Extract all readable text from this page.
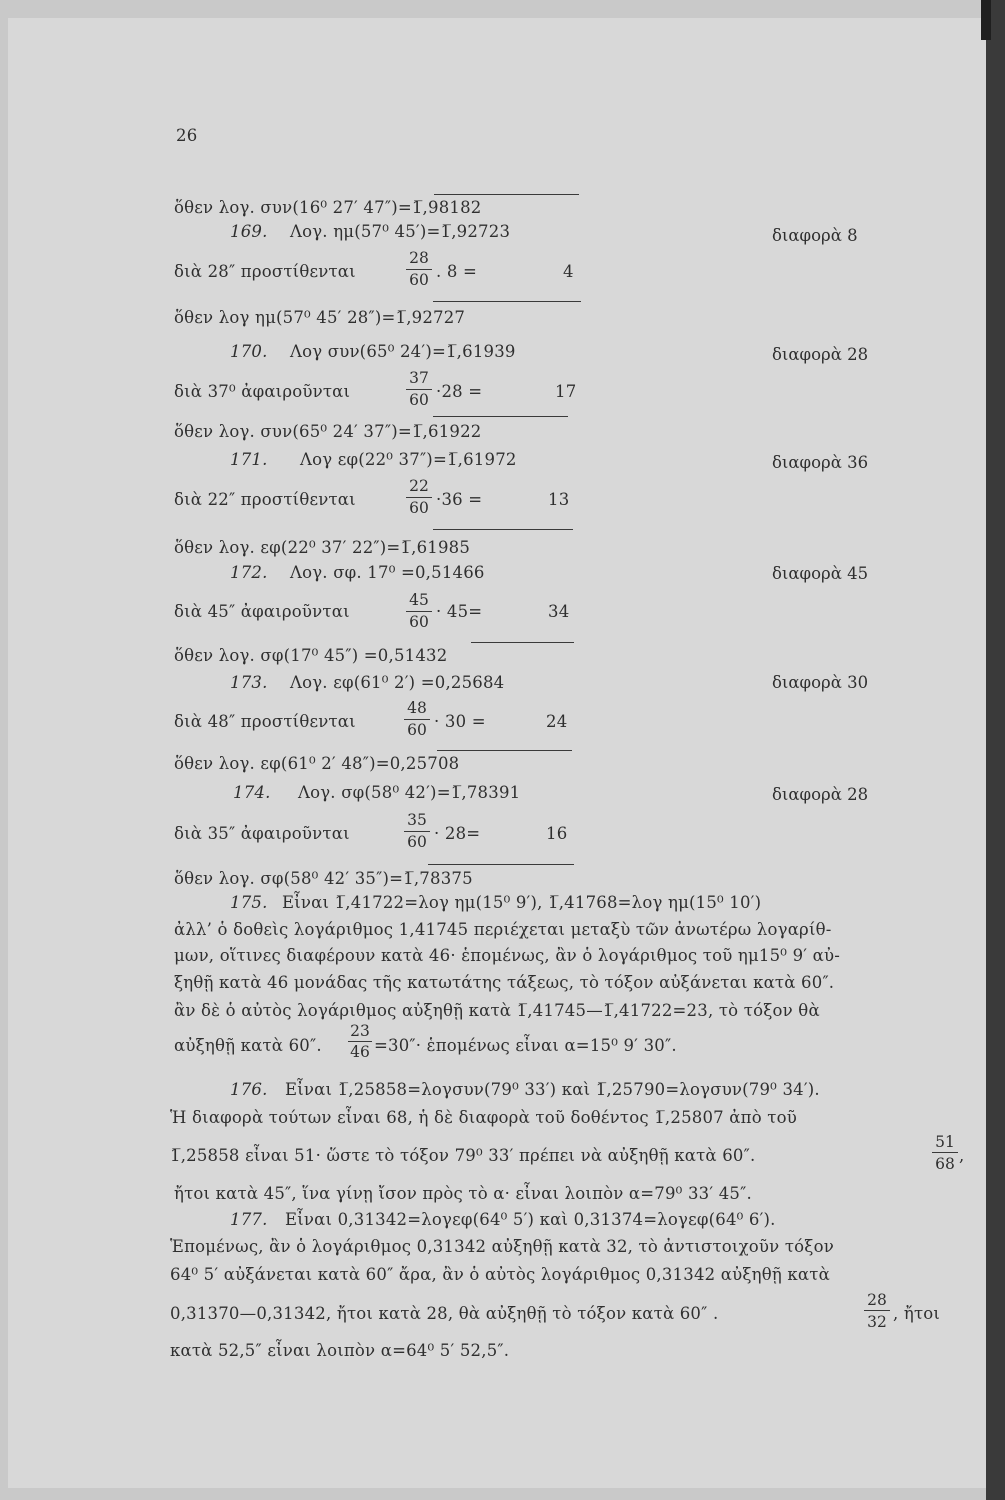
26
ὅθεν λογ. συν(16⁰ 27′ 47″)=1̅,98182
169. Λογ. ημ(57⁰ 45′)=1̅,92723	διαφορὰ 8
διὰ 28″ προστίθενται
28
60 . 8 =	4
ὅθεν λογ ημ(57⁰ 45′ 28″)=1̅,92727
170. Λογ συν(65⁰ 24′)=1̅,61939	διαφορὰ 28
διὰ 37⁰ ἀφαιροῦνται
37
60 ·28 =	17
ὅθεν λογ. συν(65⁰ 24′ 37″)=1̅,61922
171. Λογ εφ(22⁰ 37″)=1̅,61972	διαφορὰ 36
διὰ 22″ προστίθενται
22
60 ·36 =	13
ὅθεν λογ. εφ(22⁰ 37′ 22″)=1̅,61985
172. Λογ. σφ. 17⁰ =0,51466	διαφορὰ 45
διὰ 45″ ἀφαιροῦνται
45
60
· 45=	34
ὅθεν λογ. σφ(17⁰ 45″) =0,51432
173. Λογ. εφ(61⁰ 2′) =0,25684	διαφορὰ 30
διὰ 48″ προστίθενται
48
60 · 30 =	24
ὅθεν λογ. εφ(61⁰ 2′ 48″)=0,25708
174. Λογ. σφ(58⁰ 42′)=1̅,78391	διαφορὰ 28
διὰ 35″ ἀφαιροῦνται
35
60 · 28=	16
ὅθεν λογ. σφ(58⁰ 42′ 35″)=1̅,78375
175. Εἶναι 1̅,41722=λογ ημ(15⁰ 9′), 1̅,41768=λογ ημ(15⁰ 10′)
ἀλλ’ ὁ δοθεὶς λογάριθμος 1,41745 περιέχεται μεταξὺ τῶν ἀνωτέρω λογαρίθ-
μων, οἵτινες διαφέρουν κατὰ 46· ἑπομένως, ἂν ὁ λογάριθμος τοῦ ημ15⁰ 9′ αὐ-
ξηθῇ κατὰ 46 μονάδας τῆς κατωτάτης τάξεως, τὸ τόξον αὐξάνεται κατὰ 60″.
ἂν δὲ ὁ αὐτὸς λογάριθμος αὐξηθῇ κατὰ 1̅,41745—1̅,41722=23, τὸ τόξον θὰ
αὐξηθῇ κατὰ 60″.
23
46 =30″· ἑπομένως εἶναι α=15⁰ 9′ 30″.
176. Εἶναι 1̅,25858=λογσυν(79⁰ 33′) καὶ 1̅,25790=λογσυν(79⁰ 34′).
Ἡ διαφορὰ τούτων εἶναι 68, ἡ δὲ διαφορὰ τοῦ δοθέντος 1̅,25807 ἀπὸ τοῦ
1̅,25858 εἶναι 51· ὥστε τὸ τόξον 79⁰ 33′ πρέπει νὰ αὐξηθῇ κατὰ 60″.
51
68 ,
ἤτοι κατὰ 45″, ἵνα γίνῃ ἴσον πρὸς τὸ α· εἶναι λοιπὸν α=79⁰ 33′ 45″.
177. Εἶναι 0,31342=λογεφ(64⁰ 5′) καὶ 0,31374=λογεφ(64⁰ 6′).
Ἑπομένως, ἂν ὁ λογάριθμος 0,31342 αὐξηθῇ κατὰ 32, τὸ ἀντιστοιχοῦν τόξον
64⁰ 5′ αὐξάνεται κατὰ 60″ ἄρα, ἂν ὁ αὐτὸς λογάριθμος 0,31342 αὐξηθῇ κατὰ
0,31370—0,31342, ἤτοι κατὰ 28, θὰ αὐξηθῇ τὸ τόξον κατὰ 60″ .
28
32 , ἤτοι
κατὰ 52,5″ εἶναι λοιπὸν α=64⁰ 5′ 52,5″.
